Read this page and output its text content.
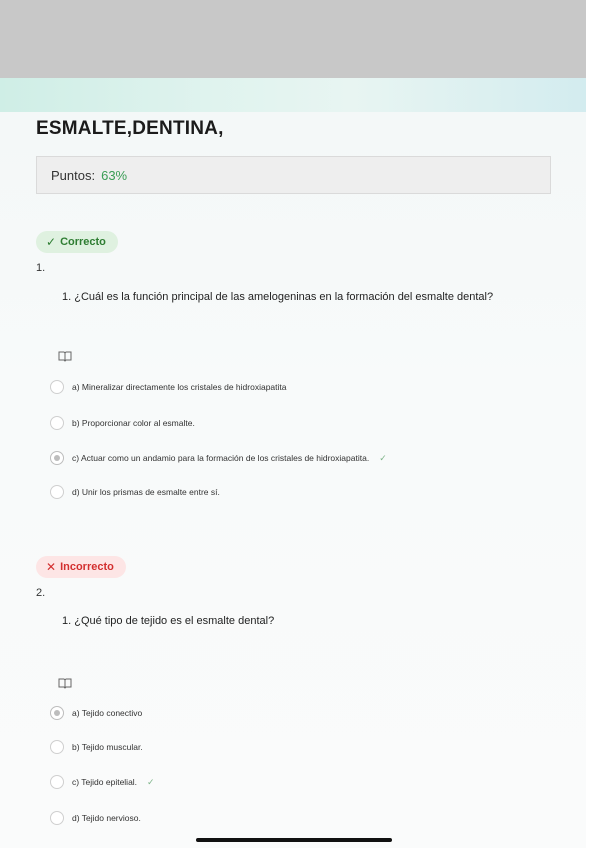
ESMALTE,DENTINA,
Puntos: 63%
✓ Correcto
1.
1. ¿Cuál es la función principal de las amelogeninas en la formación del esmalte dental?
a) Mineralizar directamente los cristales de hidroxiapatita
b) Proporcionar color al esmalte.
c) Actuar como un andamio para la formación de los cristales de hidroxiapatita. ✓
d) Unir los prismas de esmalte entre sí.
✕ Incorrecto
2.
1. ¿Qué tipo de tejido es el esmalte dental?
a) Tejido conectivo
b) Tejido muscular.
c) Tejido epitelial. ✓
d) Tejido nervioso.
